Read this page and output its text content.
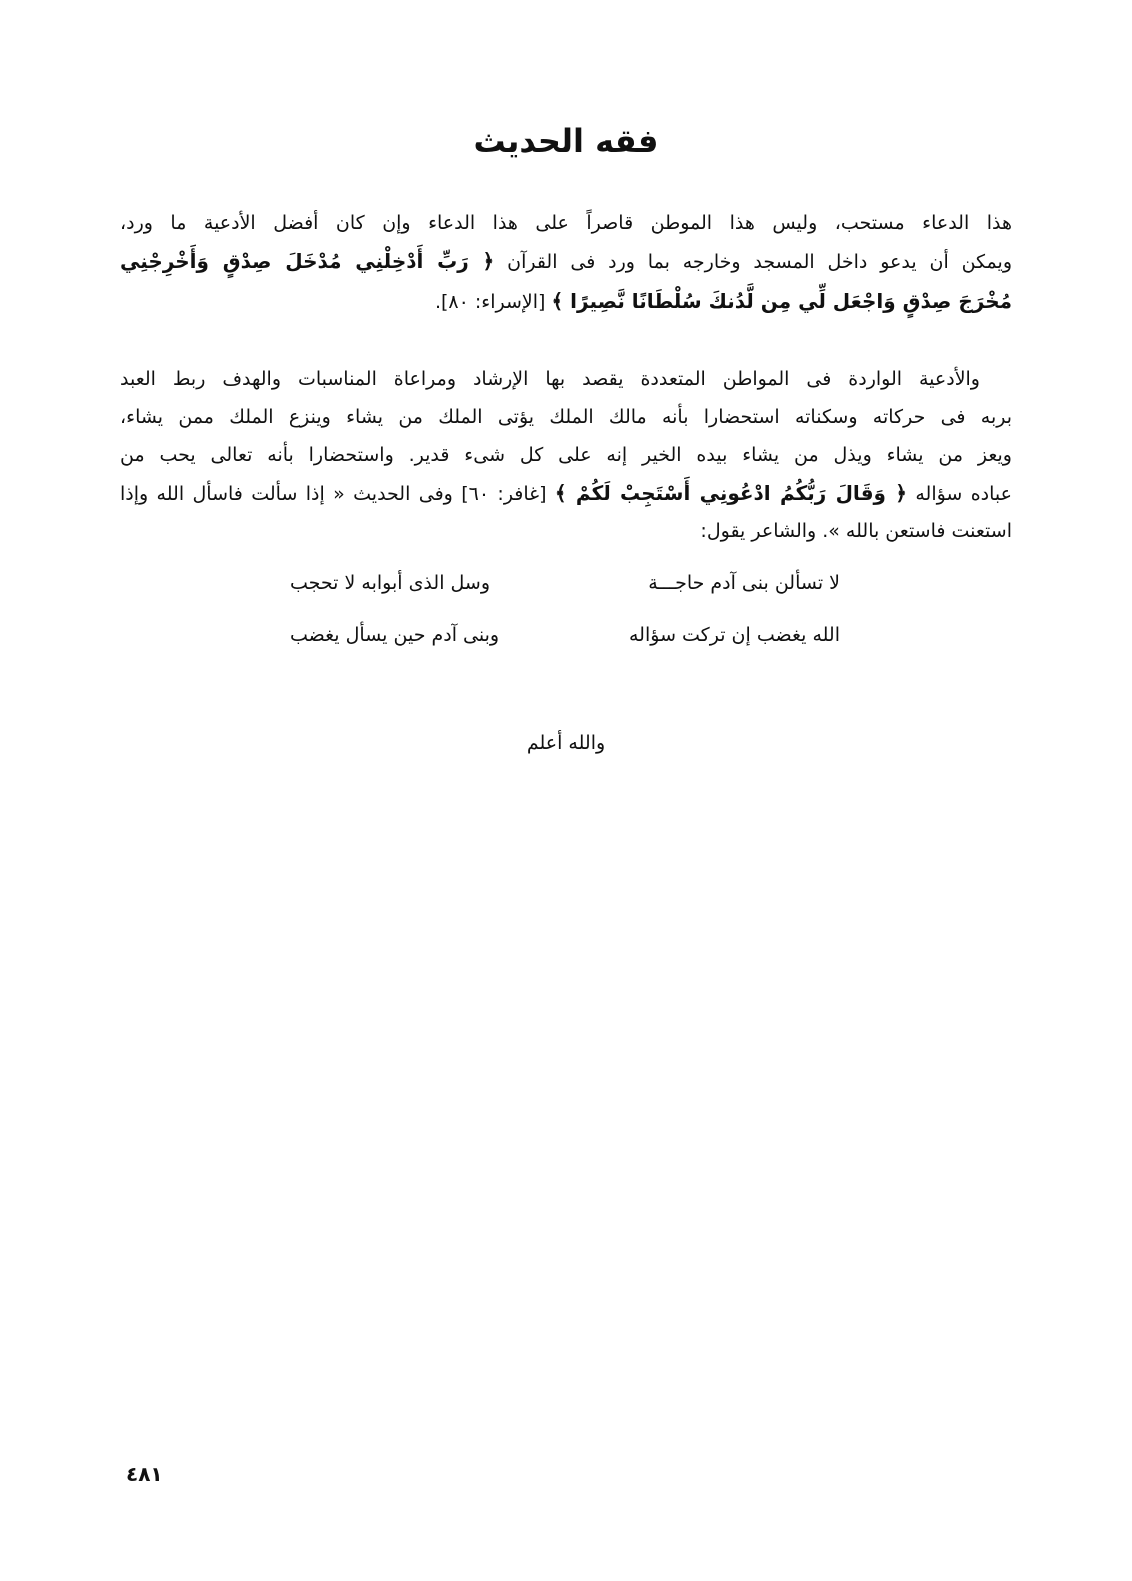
فقه الحديث
هذا الدعاء مستحب، وليس هذا الموطن قاصراً على هذا الدعاء وإن كان أفضل الأدعية ما ورد،
ويمكن أن يدعو داخل المسجد وخارجه بما ورد فى القرآن ﴿ رَبِّ أَدْخِلْنِي مُدْخَلَ صِدْقٍ وَأَخْرِجْنِي
مُخْرَجَ صِدْقٍ وَاجْعَل لِّي مِن لَّدُنكَ سُلْطَانًا نَّصِيرًا ﴾ [الإسراء: ٨٠].
والأدعية الواردة فى المواطن المتعددة يقصد بها الإرشاد ومراعاة المناسبات والهدف ربط العبد
بربه فى حركاته وسكناته استحضارا بأنه مالك الملك يؤتى الملك من يشاء وينزع الملك ممن يشاء،
ويعز من يشاء ويذل من يشاء بيده الخير إنه على كل شىء قدير. واستحضارا بأنه تعالى يحب من
عباده سؤاله ﴿ وَقَالَ رَبُّكُمُ ادْعُونِي أَسْتَجِبْ لَكُمْ ﴾ [غافر: ٦٠] وفى الحديث « إذا سألت فاسأل الله وإذا
استعنت فاستعن بالله ». والشاعر يقول:
لا تسألن بنى آدم حاجـــة
وسل الذى أبوابه لا تحجب
الله يغضب إن تركت سؤاله
وبنى آدم حين يسأل يغضب
والله أعلم
٤٨١
